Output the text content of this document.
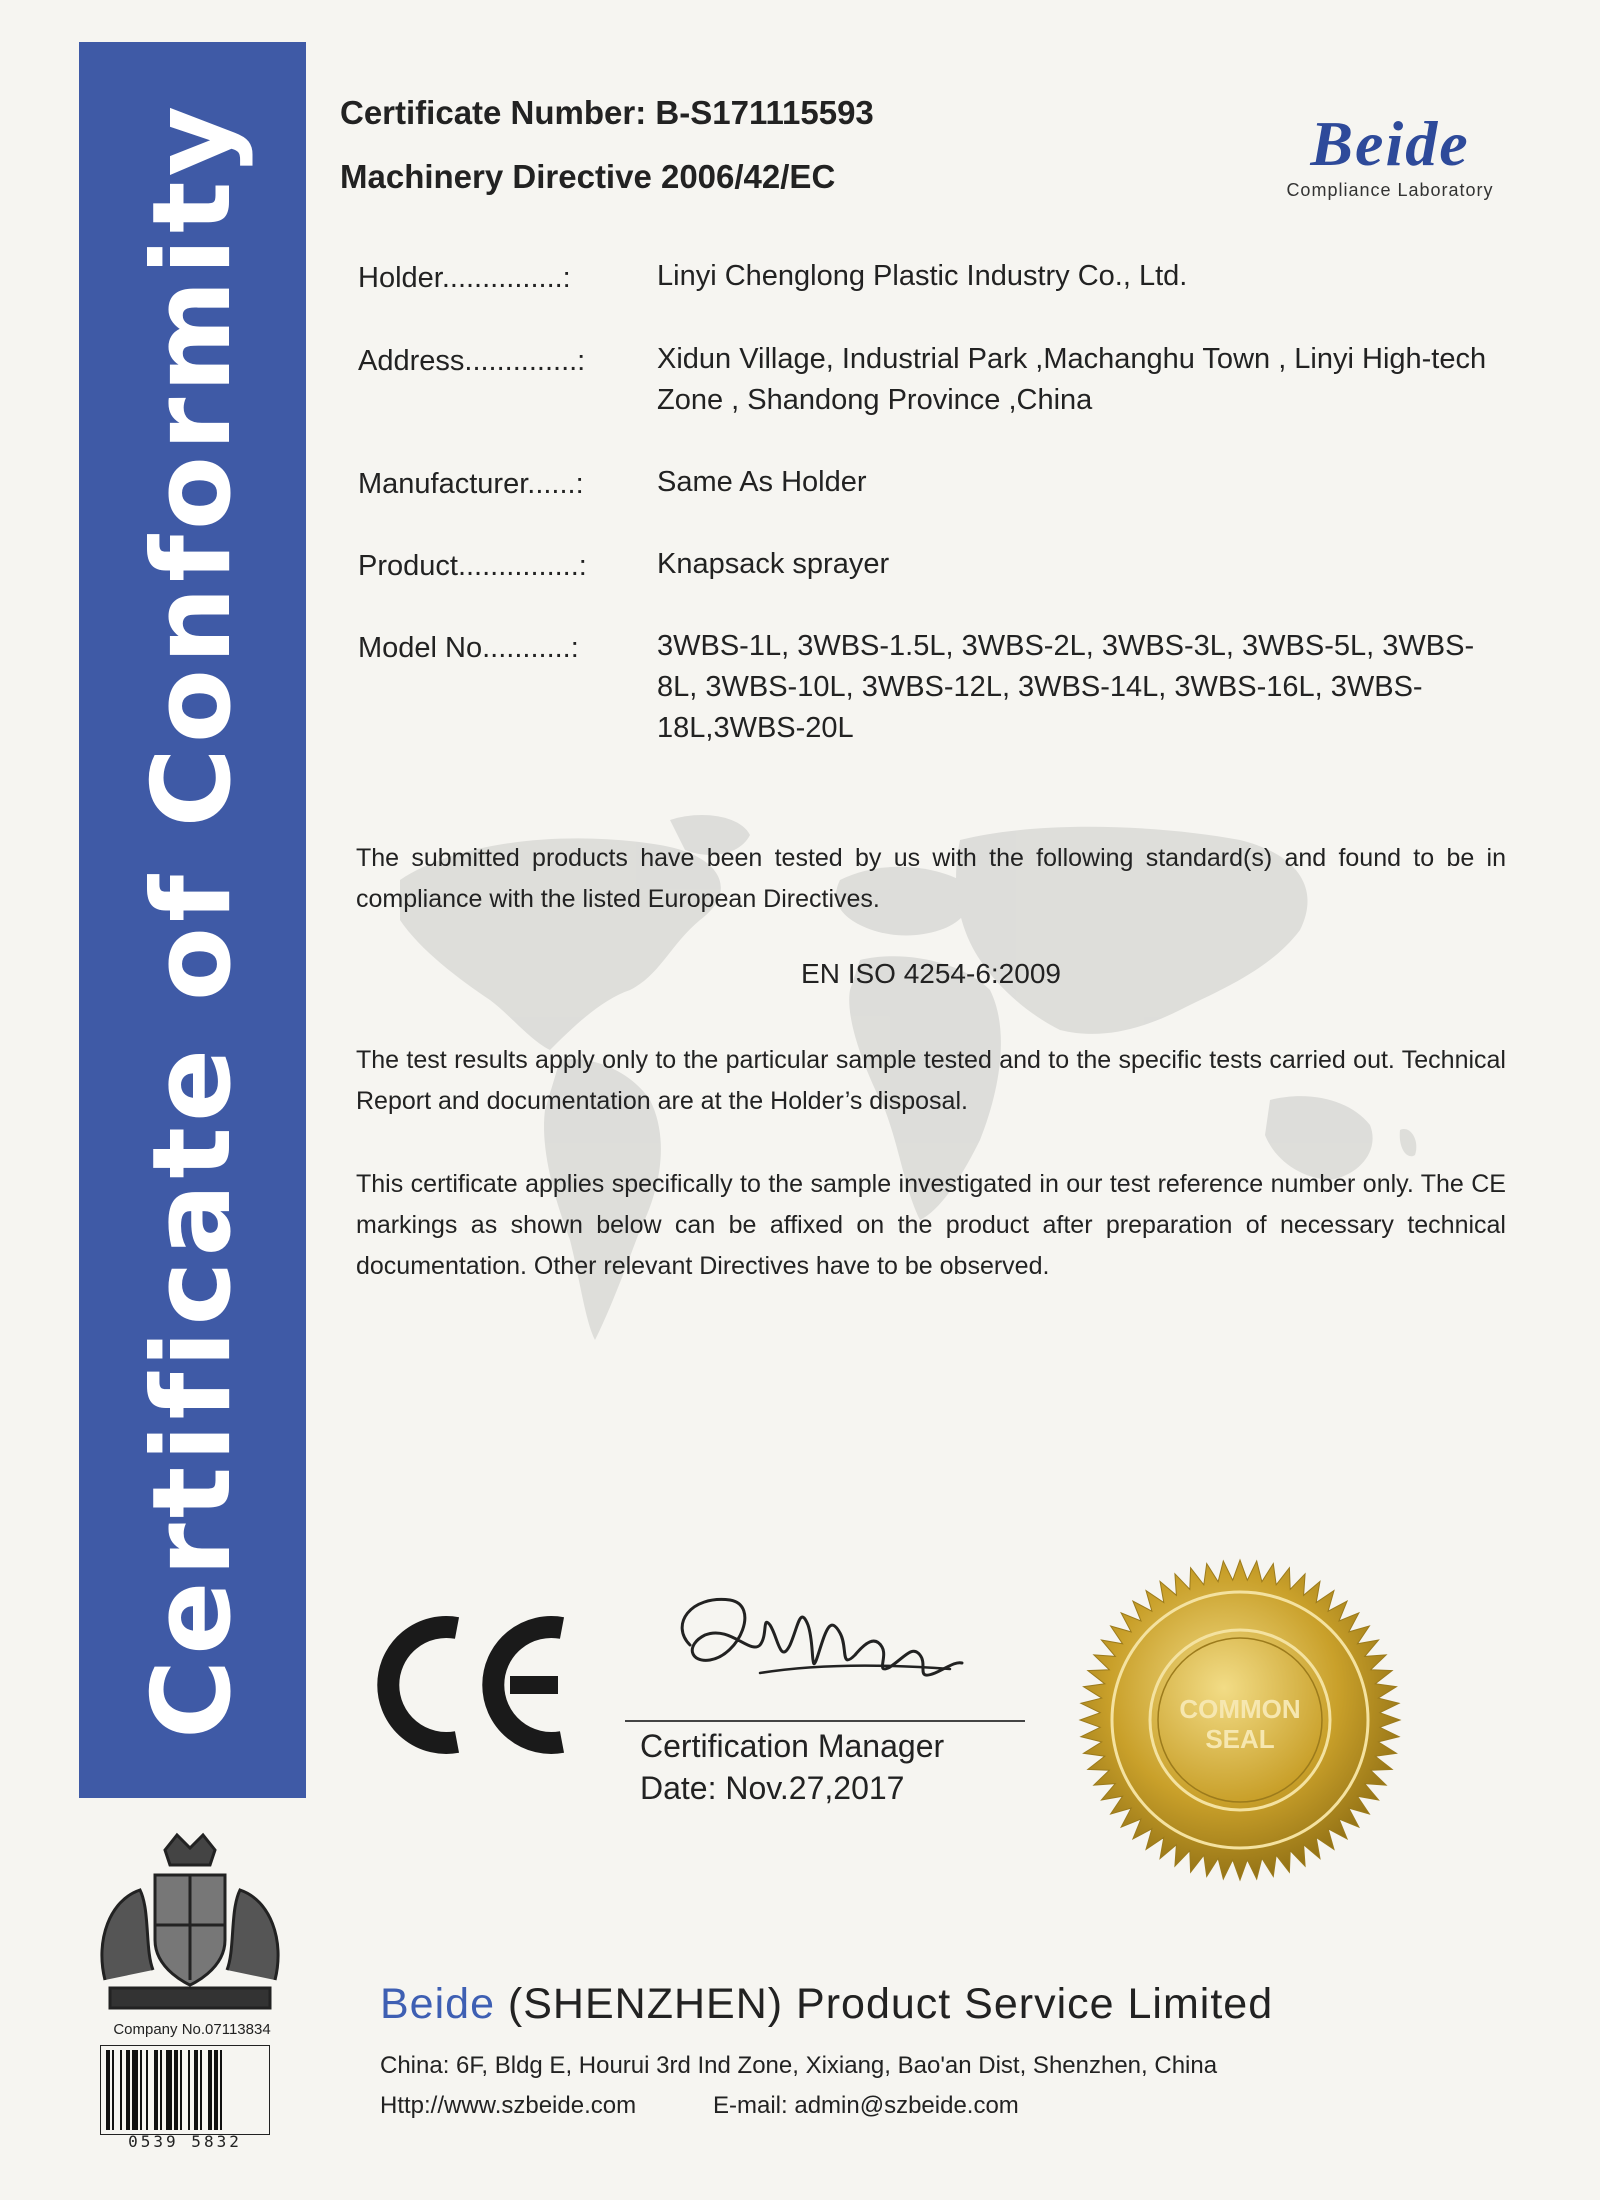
Certificate of Conformity	Certificate Number: B-S171115593
Machinery Directive 2006/42/EC	Beide
Compliance Laboratory
Holder...............:	Linyi Chenglong Plastic Industry Co., Ltd.
Address..............: Xidun Village, Industrial Park ,Machanghu Town , Linyi High-tech Zone , Shandong Province ,China
Manufacturer......:	Same As Holder
Product...............: Knapsack sprayer
Model No...........:	3WBS-1L, 3WBS-1.5L, 3WBS-2L, 3WBS-3L, 3WBS-5L, 3WBS-8L, 3WBS-10L, 3WBS-12L, 3WBS-14L, 3WBS-16L, 3WBS-18L,3WBS-20L
The submitted products have been tested by us with the following standard(s) and found to be in compliance with the listed European Directives.
EN ISO 4254-6:2009
The test results apply only to the particular sample tested and to the specific tests carried out. Technical Report and documentation are at the Holder’s disposal.
This certificate applies specifically to the sample investigated in our test reference number only. The CE markings as shown below can be affixed on the product after preparation of necessary technical documentation. Other relevant Directives have to be observed.
Certification Manager
Date: Nov.27,2017
COMMON
SEAL
Company No.07113834
0539 5832
Beide (SHENZHEN) Product Service Limited
China: 6F, Bldg E, Hourui 3rd Ind Zone, Xixiang, Bao'an Dist, Shenzhen, China
Http://www.szbeide.com	E-mail: admin@szbeide.com
